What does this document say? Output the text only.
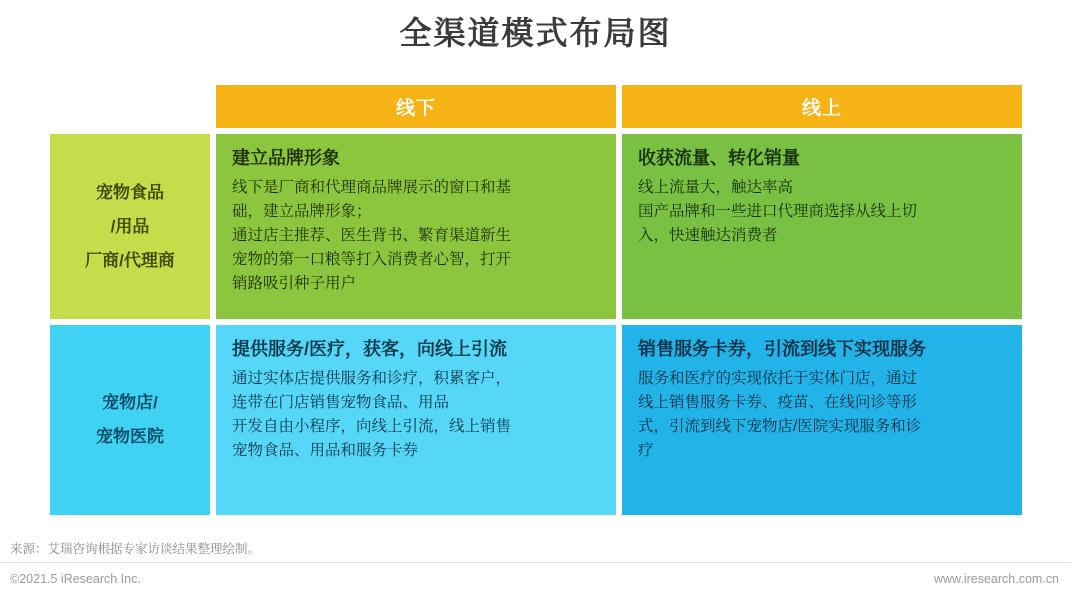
全渠道模式布局图
线下	线上
宠物食品
/用品
厂商/代理商
建立品牌形象
线下是厂商和代理商品牌展示的窗口和基
础，建立品牌形象；
通过店主推荐、医生背书、繁育渠道新生
宠物的第一口粮等打入消费者心智，打开
销路吸引种子用户
收获流量、转化销量
线上流量大，触达率高
国产品牌和一些进口代理商选择从线上切
入，快速触达消费者
宠物店/
宠物医院
提供服务/医疗，获客，向线上引流
通过实体店提供服务和诊疗，积累客户，
连带在门店销售宠物食品、用品
开发自由小程序，向线上引流，线上销售
宠物食品、用品和服务卡券
销售服务卡券，引流到线下实现服务
服务和医疗的实现依托于实体门店，通过
线上销售服务卡券、疫苗、在线问诊等形
式，引流到线下宠物店/医院实现服务和诊
疗
来源：艾瑞咨询根据专家访谈结果整理绘制。
©2021.5 iResearch Inc.	www.iresearch.com.cn
